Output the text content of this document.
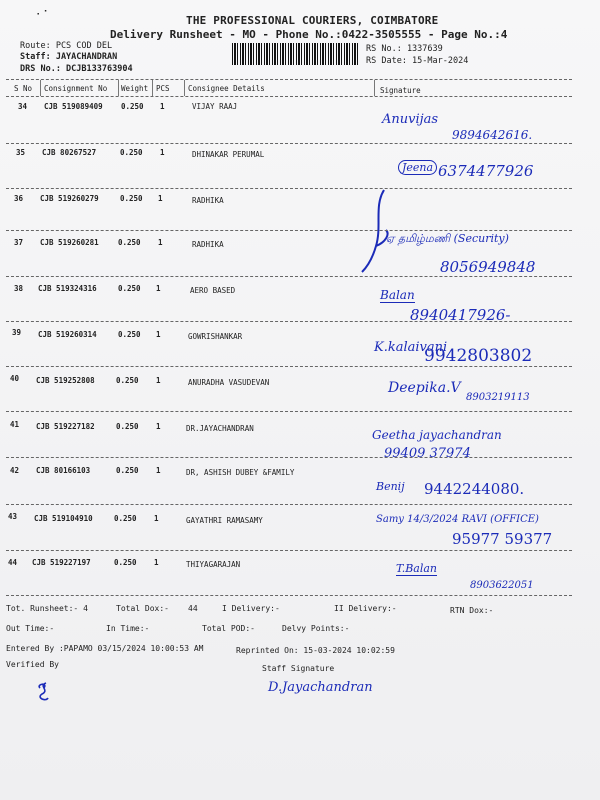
⠂⠁	THE PROFESSIONAL COURIERS, COIMBATORE
Delivery Runsheet - MO - Phone No.:0422-3505555 - Page No.:4
Route: PCS COD DEL
Staff: JAYACHANDRAN
DRS No.: DCJB133763904
RS No.: 1337639
RS Date: 15-Mar-2024
S No Consignment No Weight PCS Consignee Details	Signature
34 CJB 519089409 0.250 1	VIJAY RAAJ
Anuvijas
9894642616.
35 CJB 80267527	0.250 1	DHINAKAR PERUMAL
Jeena 6374477926
36 CJB 519260279	0.250 1	RADHIKA
37 CJB 519260281	0.250 1	RADHIKA	ஏ தமிழ்மணி (Security)
8056949848
38 CJB 519324316	0.250 1	AERO BASED	Balan
8940417926-
39 CJB 519260314	0.250 1	GOWRISHANKAR
K.kalaivani
9942803802
40 CJB 519252808	0.250 1	ANURADHA VASUDEVAN	Deepika.V
8903219113
41 CJB 519227182	0.250 1	DR.JAYACHANDRAN	Geetha jayachandran
99409 37974
42 CJB 80166103	0.250 1	DR, ASHISH DUBEY &FAMILY
Benij 9442244080.
43 CJB 519104910	0.250 1	GAYATHRI RAMASAMY	Samy 14/3/2024 RAVI (OFFICE)
95977 59377
44 CJB 519227197	0.250 1	THIYAGARAJAN	T.Balan
8903622051
Tot. Runsheet:- 4	Total Dox:- 44	I Delivery:-	II Delivery:-	RTN Dox:-
Out Time:-	In Time:-	Total POD:-	Delvy Points:-
Entered By :PAPAMO 03/15/2024 10:00:53 AM	Reprinted On: 15-03-2024 10:02:59
Verified By	Staff Signature
D.Jayachandran
